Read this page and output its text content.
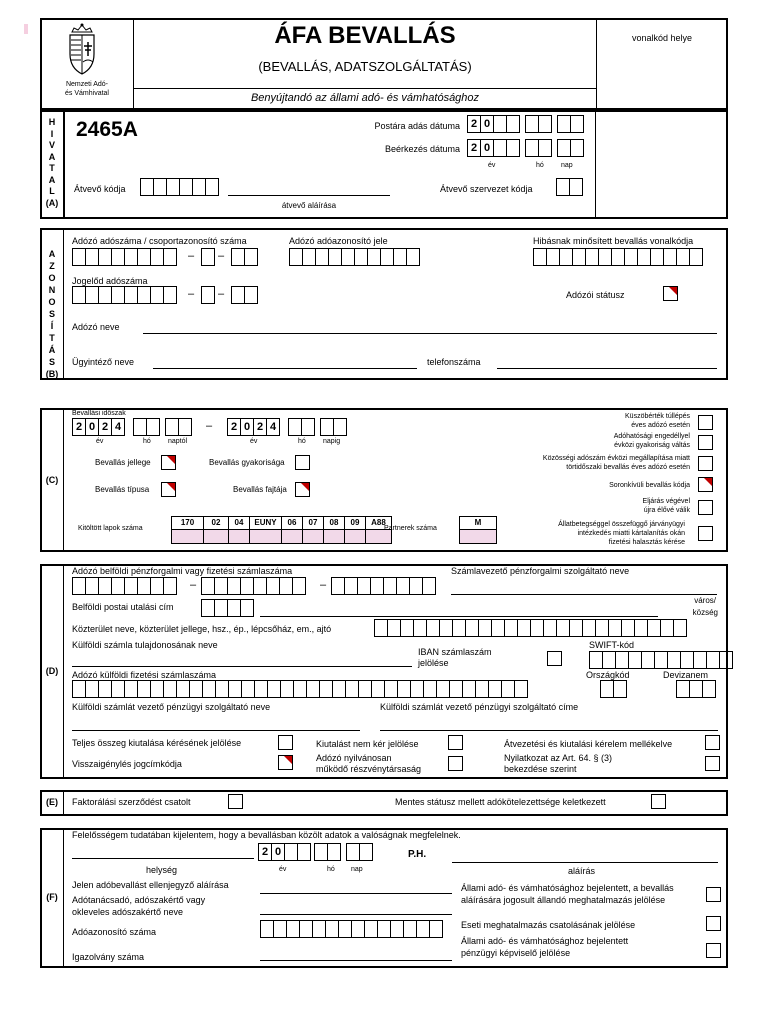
Nemzeti Adó-
és Vámhivatal
ÁFA BEVALLÁS
(BEVALLÁS, ADATSZOLGÁLTATÁS)
Benyújtandó az állami adó- és vámhatósághoz
vonalkód helye
H
I
V
A
T
A
L
(A)
2465A	Postára adás dátuma 2 0
Beérkezés dátuma 2 0
év	hó nap
Átvevő kódja
átvevő aláírása
Átvevő szervezet kódja
A
Z
O
N
O
S
Í
T
Á
S
(B)
Adózó adószáma / csoportazonosító száma
– –
Adózó adóazonosító jele	Hibásnak minősített bevallás vonalkódja
Jogelőd adószáma
– –	Adózói státusz
Adózó neve
Ügyintéző neve	telefonszáma
(C)
Bevallási időszak
2 0 2 4	–	2 0 2 4
év	hó naptól	év	hó napig
Bevallás jellege	Bevallás gyakorisága
Bevallás típusa	Bevallás fajtája
Kitöltött lapok száma
170	02	04	EUNY	06	07	08	09	A88
Partnerek száma
M
Küszöbérték túllépés
éves adózó esetén
Adóhatósági engedéllyel
évközi gyakoriság váltás
Közösségi adószám évközi megállapítása miatt
törtidőszaki bevallás éves adózó esetén
Soronkívüli bevallás kódja
Eljárás végével
újra élővé válik
Állatbetegséggel összefüggő járványügyi
intézkedés miatti kártalanítás okán
fizetési halasztás kérése
(D)
Adózó belföldi pénzforgalmi vagy fizetési számlaszáma
–	–
Számlavezető pénzforgalmi szolgáltató neve
város/
község
Belföldi postai utalási cím
Közterület neve, közterület jellege, hsz., ép., lépcsőház, em., ajtó
Külföldi számla tulajdonosának neve
IBAN számlaszám
jelölése
SWIFT-kód
Adózó külföldi fizetési számlaszáma	Országkód	Devizanem
Külföldi számlát vezető pénzügyi szolgáltató neve	Külföldi számlát vezető pénzügyi szolgáltató címe
Teljes összeg kiutalása kérésének jelölése	Kiutalást nem kér jelölése	Átvezetési és kiutalási kérelem mellékelve
Visszaigénylés jogcímkódja
Adózó nyilvánosan
működő részvénytársaság
Nyilatkozat az Art. 64. § (3)
bekezdése szerint
(E)	Faktorálási szerződést csatolt	Mentes státusz mellett adókötelezettsége keletkezett
(F)
Felelősségem tudatában kijelentem, hogy a bevallásban közölt adatok a valóságnak megfelelnek.
2 0	P.H.
helység	év	hó nap	aláírás
Jelen adóbevallást ellenjegyző aláírása
Adótanácsadó, adószakértő vagy
okleveles adószakértő neve
Adóazonosító száma
Igazolvány száma
Állami adó- és vámhatósághoz bejelentett, a bevallás
aláírására jogosult állandó meghatalmazás jelölése
Eseti meghatalmazás csatolásának jelölése
Állami adó- és vámhatósághoz bejelentett
pénzügyi képviselő jelölése
